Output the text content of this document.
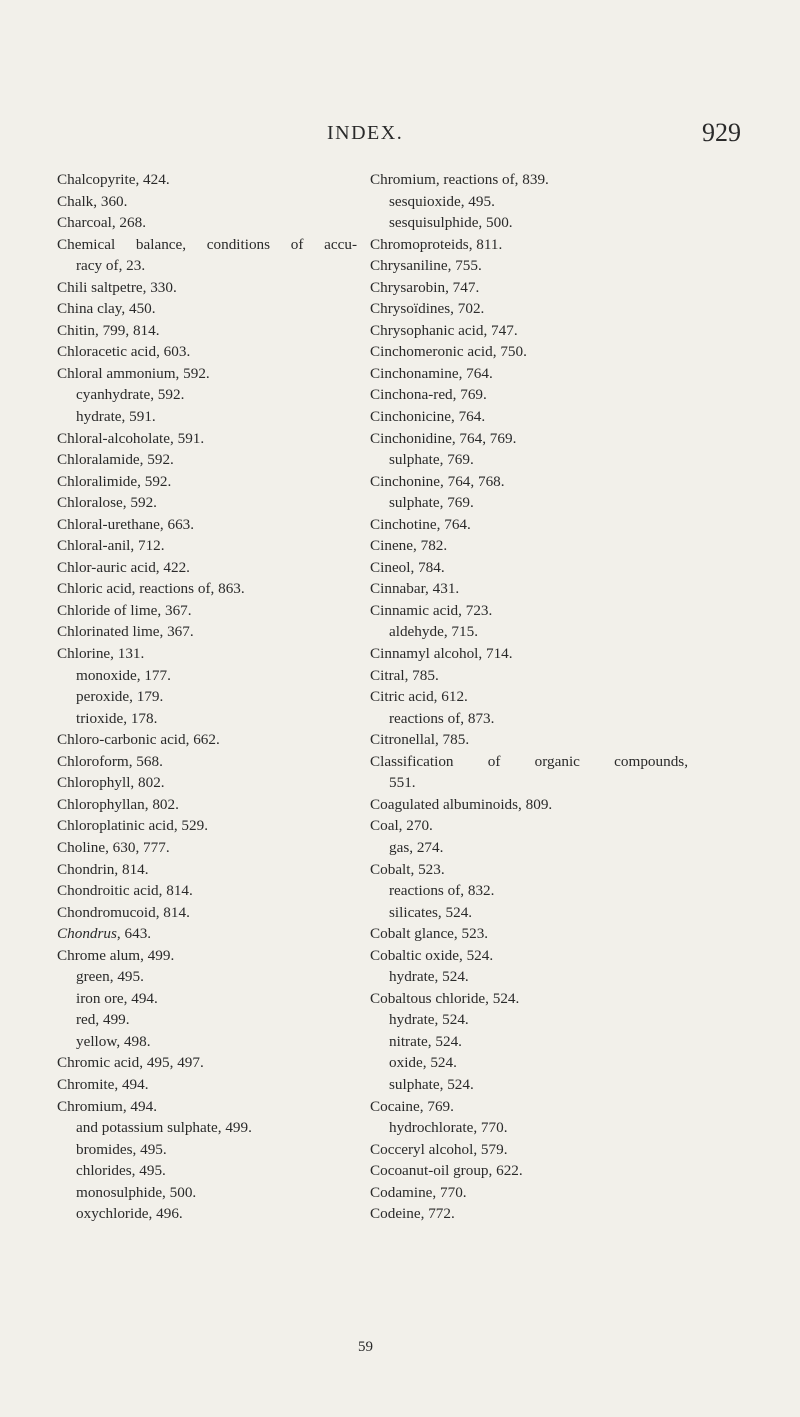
INDEX.	929
Chalcopyrite, 424.
Chalk, 360.
Charcoal, 268.
Chemical balance, conditions of accu-
racy of, 23.
Chili saltpetre, 330.
China clay, 450.
Chitin, 799, 814.
Chloracetic acid, 603.
Chloral ammonium, 592.
cyanhydrate, 592.
hydrate, 591.
Chloral-alcoholate, 591.
Chloralamide, 592.
Chloralimide, 592.
Chloralose, 592.
Chloral-urethane, 663.
Chloral-anil, 712.
Chlor-auric acid, 422.
Chloric acid, reactions of, 863.
Chloride of lime, 367.
Chlorinated lime, 367.
Chlorine, 131.
monoxide, 177.
peroxide, 179.
trioxide, 178.
Chloro-carbonic acid, 662.
Chloroform, 568.
Chlorophyll, 802.
Chlorophyllan, 802.
Chloroplatinic acid, 529.
Choline, 630, 777.
Chondrin, 814.
Chondroitic acid, 814.
Chondromucoid, 814.
Chondrus, 643.
Chrome alum, 499.
green, 495.
iron ore, 494.
red, 499.
yellow, 498.
Chromic acid, 495, 497.
Chromite, 494.
Chromium, 494.
and potassium sulphate, 499.
bromides, 495.
chlorides, 495.
monosulphide, 500.
oxychloride, 496.
Chromium, reactions of, 839.
sesquioxide, 495.
sesquisulphide, 500.
Chromoproteids, 811.
Chrysaniline, 755.
Chrysarobin, 747.
Chrysoïdines, 702.
Chrysophanic acid, 747.
Cinchomeronic acid, 750.
Cinchonamine, 764.
Cinchona-red, 769.
Cinchonicine, 764.
Cinchonidine, 764, 769.
sulphate, 769.
Cinchonine, 764, 768.
sulphate, 769.
Cinchotine, 764.
Cinene, 782.
Cineol, 784.
Cinnabar, 431.
Cinnamic acid, 723.
aldehyde, 715.
Cinnamyl alcohol, 714.
Citral, 785.
Citric acid, 612.
reactions of, 873.
Citronellal, 785.
Classification of organic compounds,
551.
Coagulated albuminoids, 809.
Coal, 270.
gas, 274.
Cobalt, 523.
reactions of, 832.
silicates, 524.
Cobalt glance, 523.
Cobaltic oxide, 524.
hydrate, 524.
Cobaltous chloride, 524.
hydrate, 524.
nitrate, 524.
oxide, 524.
sulphate, 524.
Cocaine, 769.
hydrochlorate, 770.
Cocceryl alcohol, 579.
Cocoanut-oil group, 622.
Codamine, 770.
Codeine, 772.
59
